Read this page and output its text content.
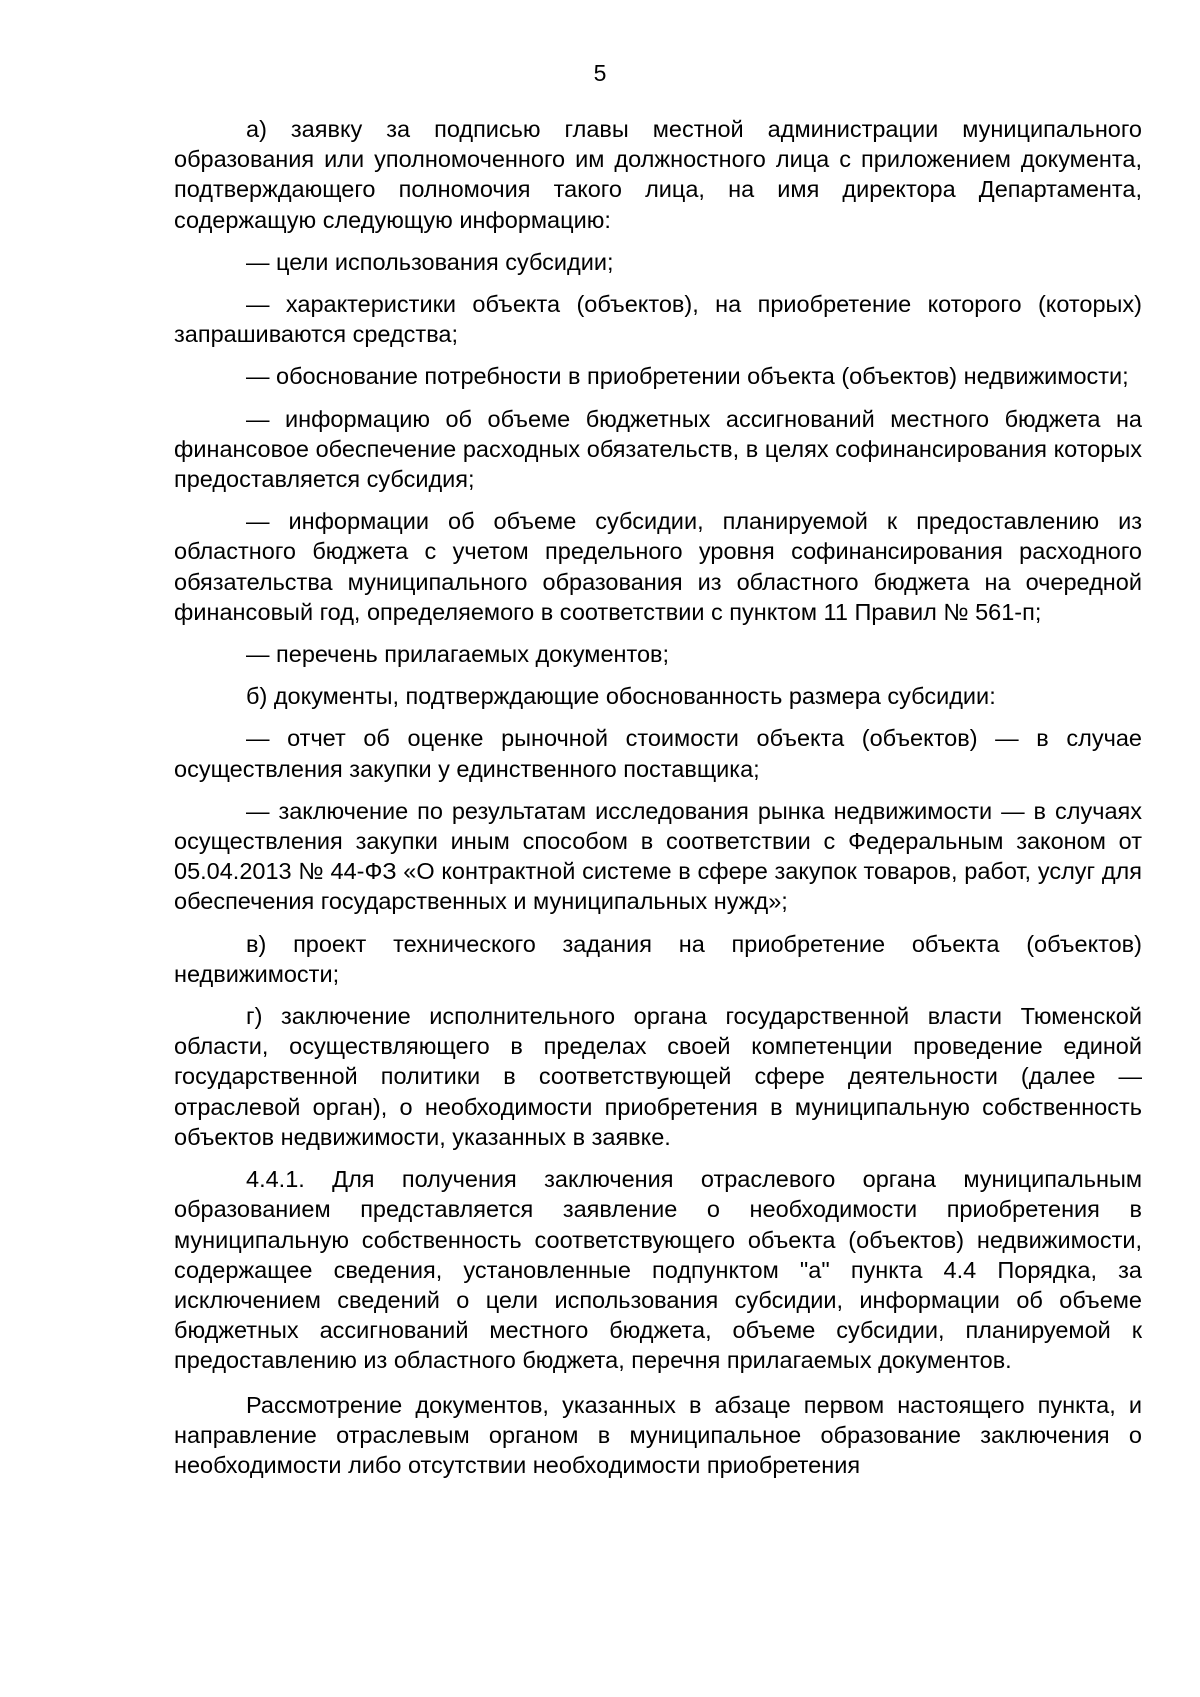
5

а) заявку за подписью главы местной администрации муниципального образования или уполномоченного им должностного лица с приложением документа, подтверждающего полномочия такого лица, на имя директора Департамента, содержащую следующую информацию:

— цели использования субсидии;

— характеристики объекта (объектов), на приобретение которого (которых) запрашиваются средства;

— обоснование потребности в приобретении объекта (объектов) недвижимости;

— информацию об объеме бюджетных ассигнований местного бюджета на финансовое обеспечение расходных обязательств, в целях софинансирования которых предоставляется субсидия;

— информации об объеме субсидии, планируемой к предоставлению из областного бюджета с учетом предельного уровня софинансирования расходного обязательства муниципального образования из областного бюджета на очередной финансовый год, определяемого в соответствии с пунктом 11 Правил № 561-п;

— перечень прилагаемых документов;

б) документы, подтверждающие обоснованность размера субсидии:

— отчет об оценке рыночной стоимости объекта (объектов) — в случае осуществления закупки у единственного поставщика;

— заключение по результатам исследования рынка недвижимости — в случаях осуществления закупки иным способом в соответствии с Федеральным законом от 05.04.2013 № 44-ФЗ «О контрактной системе в сфере закупок товаров, работ, услуг для обеспечения государственных и муниципальных нужд»;

в) проект технического задания на приобретение объекта (объектов) недвижимости;

г) заключение исполнительного органа государственной власти Тюменской области, осуществляющего в пределах своей компетенции проведение единой государственной политики в соответствующей сфере деятельности (далее — отраслевой орган), о необходимости приобретения в муниципальную собственность объектов недвижимости, указанных в заявке.

4.4.1. Для получения заключения отраслевого органа муниципальным образованием представляется заявление о необходимости приобретения в муниципальную собственность соответствующего объекта (объектов) недвижимости, содержащее сведения, установленные подпунктом "а" пункта 4.4 Порядка, за исключением сведений о цели использования субсидии, информации об объеме бюджетных ассигнований местного бюджета, объеме субсидии, планируемой к предоставлению из областного бюджета, перечня прилагаемых документов.

Рассмотрение документов, указанных в абзаце первом настоящего пункта, и направление отраслевым органом в муниципальное образование заключения о необходимости либо отсутствии необходимости приобретения
